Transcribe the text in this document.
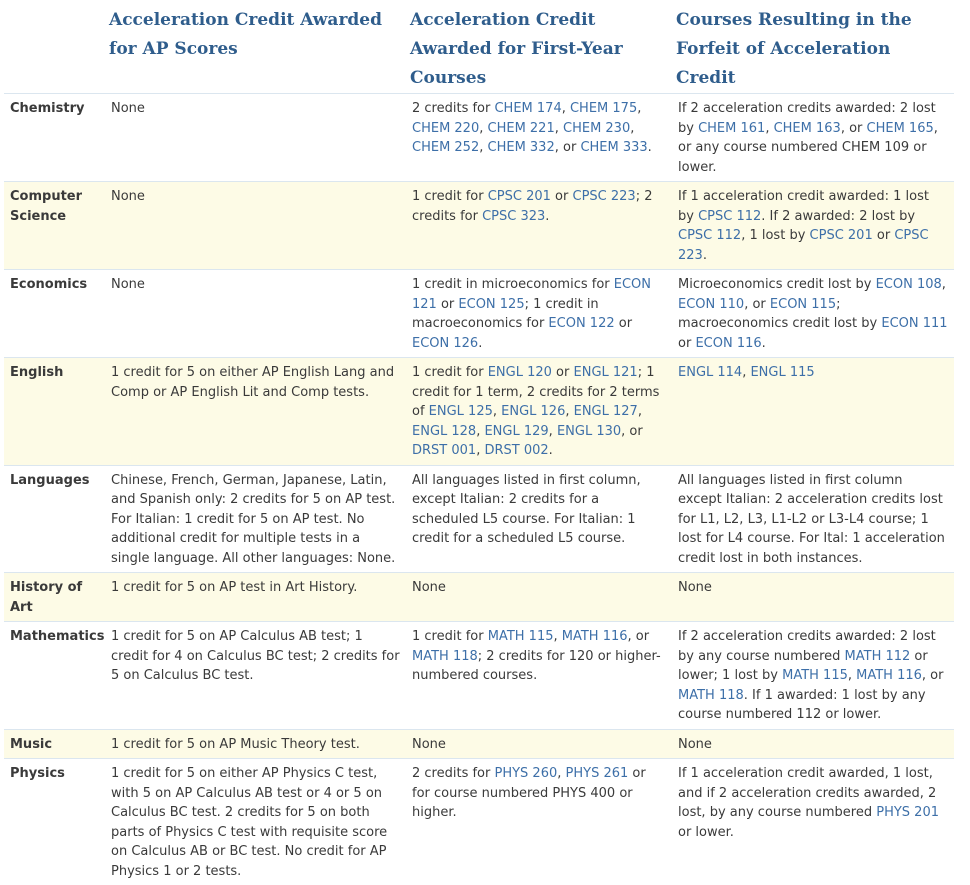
	Acceleration Credit Awarded for AP Scores	Acceleration Credit Awarded for First-Year Courses	Courses Resulting in the Forfeit of Acceleration Credit
Chemistry	None	2 credits for CHEM 174, CHEM 175, CHEM 220, CHEM 221, CHEM 230, CHEM 252, CHEM 332, or CHEM 333.	If 2 acceleration credits awarded: 2 lost by CHEM 161, CHEM 163, or CHEM 165, or any course numbered CHEM 109 or lower.
Computer Science	None	1 credit for CPSC 201 or CPSC 223; 2 credits for CPSC 323.	If 1 acceleration credit awarded: 1 lost by CPSC 112. If 2 awarded: 2 lost by CPSC 112, 1 lost by CPSC 201 or CPSC 223.
Economics	None	1 credit in microeconomics for ECON 121 or ECON 125; 1 credit in macroeconomics for ECON 122 or ECON 126.	Microeconomics credit lost by ECON 108, ECON 110, or ECON 115; macroeconomics credit lost by ECON 111 or ECON 116.
English	1 credit for 5 on either AP English Lang and Comp or AP English Lit and Comp tests.	1 credit for ENGL 120 or ENGL 121; 1 credit for 1 term, 2 credits for 2 terms of ENGL 125, ENGL 126, ENGL 127, ENGL 128, ENGL 129, ENGL 130, or DRST 001, DRST 002.	ENGL 114, ENGL 115
Languages	Chinese, French, German, Japanese, Latin, and Spanish only: 2 credits for 5 on AP test. For Italian: 1 credit for 5 on AP test. No additional credit for multiple tests in a single language. All other languages: None.	All languages listed in first column, except Italian: 2 credits for a scheduled L5 course. For Italian: 1 credit for a scheduled L5 course.	All languages listed in first column except Italian: 2 acceleration credits lost for L1, L2, L3, L1-L2 or L3-L4 course; 1 lost for L4 course. For Ital: 1 acceleration credit lost in both instances.
History of Art	1 credit for 5 on AP test in Art History.	None	None
Mathematics	1 credit for 5 on AP Calculus AB test; 1 credit for 4 on Calculus BC test; 2 credits for 5 on Calculus BC test.	1 credit for MATH 115, MATH 116, or MATH 118; 2 credits for 120 or higher-numbered courses.	If 2 acceleration credits awarded: 2 lost by any course numbered MATH 112 or lower; 1 lost by MATH 115, MATH 116, or MATH 118. If 1 awarded: 1 lost by any course numbered 112 or lower.
Music	1 credit for 5 on AP Music Theory test.	None	None
Physics	1 credit for 5 on either AP Physics C test, with 5 on AP Calculus AB test or 4 or 5 on Calculus BC test. 2 credits for 5 on both parts of Physics C test with requisite score on Calculus AB or BC test. No credit for AP Physics 1 or 2 tests.	2 credits for PHYS 260, PHYS 261 or for course numbered PHYS 400 or higher.	If 1 acceleration credit awarded, 1 lost, and if 2 acceleration credits awarded, 2 lost, by any course numbered PHYS 201 or lower.
